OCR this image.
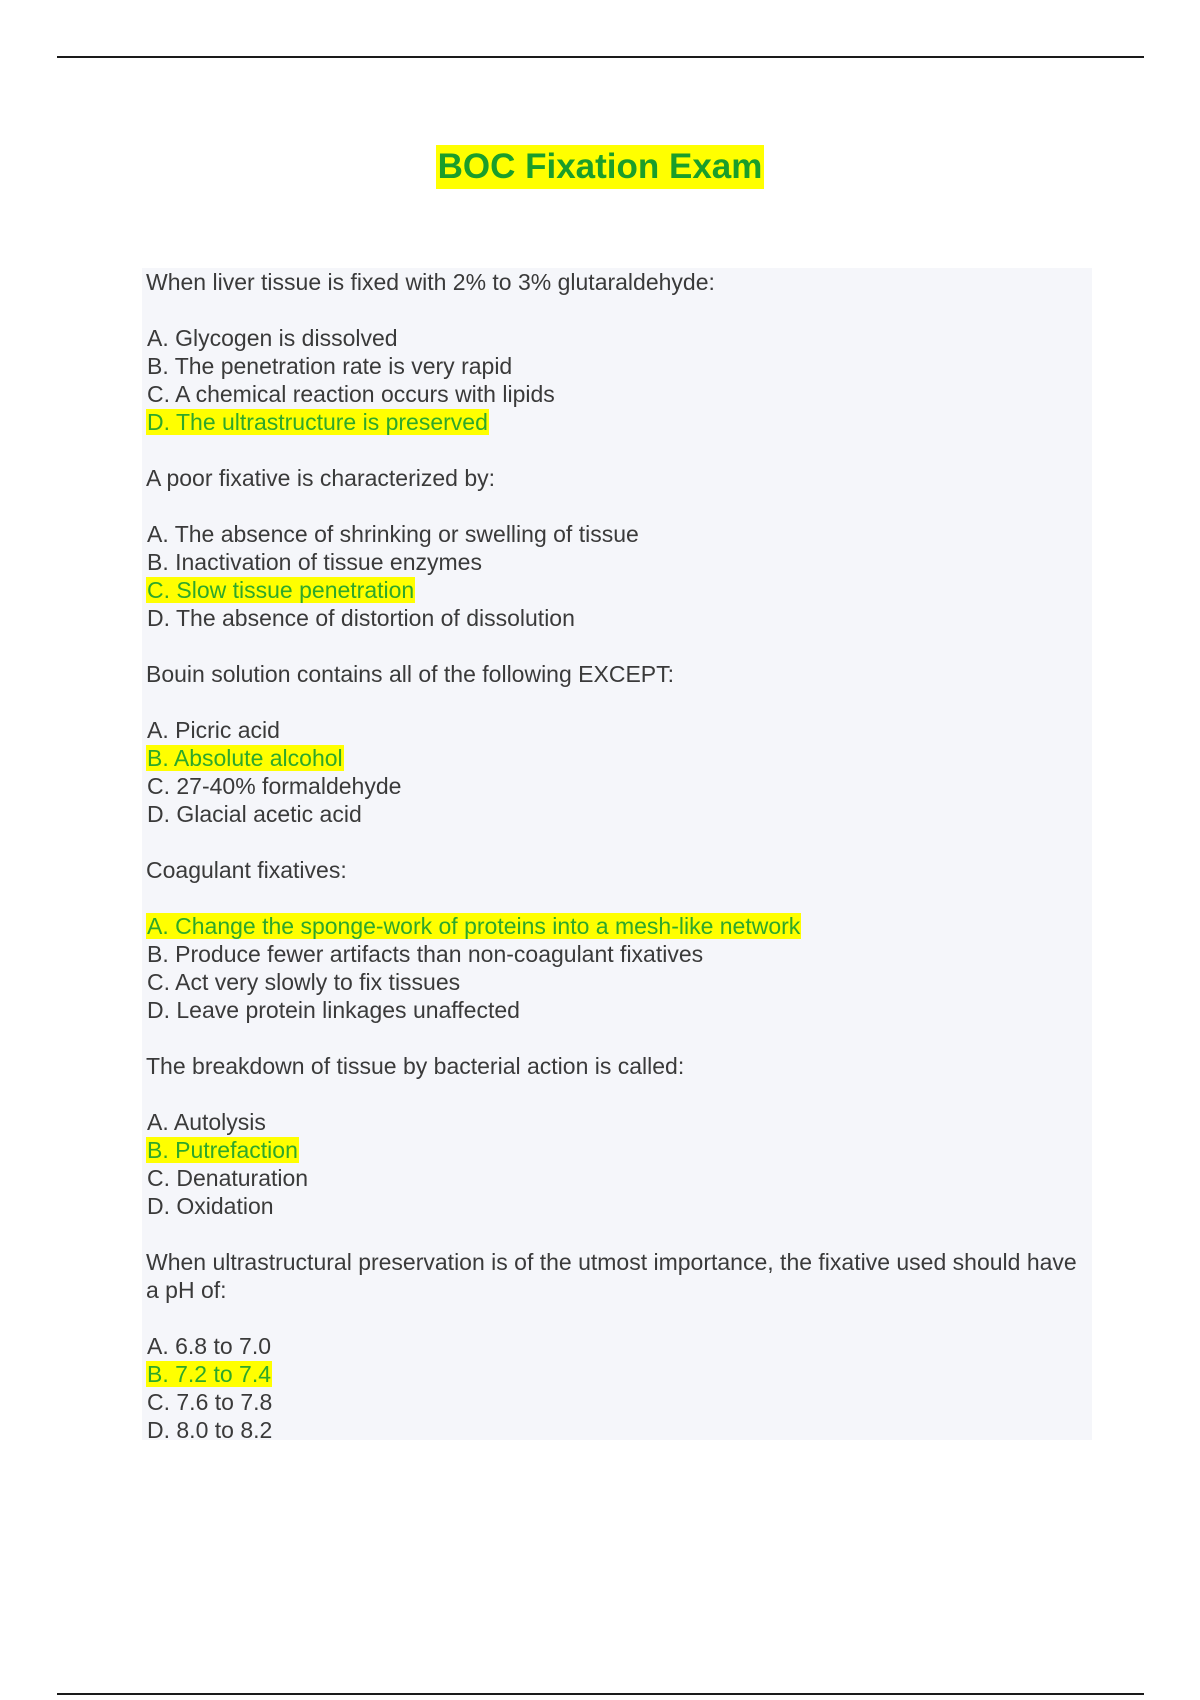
BOC Fixation Exam
When liver tissue is fixed with 2% to 3% glutaraldehyde:
A. Glycogen is dissolved
B. The penetration rate is very rapid
C. A chemical reaction occurs with lipids
D. The ultrastructure is preserved
A poor fixative is characterized by:
A. The absence of shrinking or swelling of tissue
B. Inactivation of tissue enzymes
C. Slow tissue penetration
D. The absence of distortion of dissolution
Bouin solution contains all of the following EXCEPT:
A. Picric acid
B. Absolute alcohol
C. 27-40% formaldehyde
D. Glacial acetic acid
Coagulant fixatives:
A. Change the sponge-work of proteins into a mesh-like network
B. Produce fewer artifacts than non-coagulant fixatives
C. Act very slowly to fix tissues
D. Leave protein linkages unaffected
The breakdown of tissue by bacterial action is called:
A. Autolysis
B. Putrefaction
C. Denaturation
D. Oxidation
When ultrastructural preservation is of the utmost importance, the fixative used should have a pH of:
A. 6.8 to 7.0
B. 7.2 to 7.4
C. 7.6 to 7.8
D. 8.0 to 8.2
